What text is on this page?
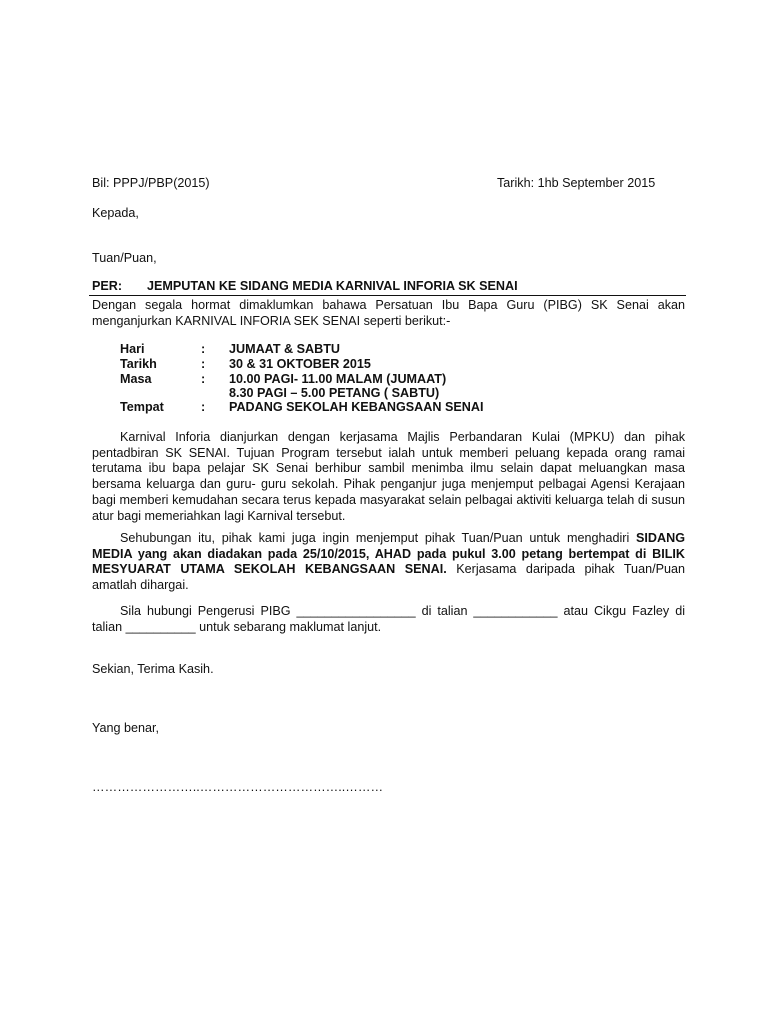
Bil: PPPJ/PBP(2015)	Tarikh: 1hb September 2015
Kepada,
Tuan/Puan,
PER: JEMPUTAN KE SIDANG MEDIA KARNIVAL INFORIA SK SENAI
Dengan segala hormat dimaklumkan bahawa Persatuan Ibu Bapa Guru (PIBG) SK Senai akan menganjurkan KARNIVAL INFORIA SEK SENAI seperti berikut:-
Hari	: JUMAAT & SABTU
Tarikh	: 30 & 31 OKTOBER 2015
Masa	: 10.00 PAGI- 11.00 MALAM (JUMAAT)
8.30 PAGI – 5.00 PETANG ( SABTU)
Tempat	: PADANG SEKOLAH KEBANGSAAN SENAI
Karnival Inforia dianjurkan dengan kerjasama Majlis Perbandaran Kulai (MPKU) dan pihak pentadbiran SK SENAI. Tujuan Program tersebut ialah untuk memberi peluang kepada orang ramai terutama ibu bapa pelajar SK Senai berhibur sambil menimba ilmu selain dapat meluangkan masa bersama keluarga dan guru- guru sekolah. Pihak penganjur juga menjemput pelbagai Agensi Kerajaan bagi memberi kemudahan secara terus kepada masyarakat selain pelbagai aktiviti keluarga telah di susun atur bagi memeriahkan lagi Karnival tersebut.
Sehubungan itu, pihak kami juga ingin menjemput pihak Tuan/Puan untuk menghadiri SIDANG MEDIA yang akan diadakan pada 25/10/2015, AHAD pada pukul 3.00 petang bertempat di BILIK MESYUARAT UTAMA SEKOLAH KEBANGSAAN SENAI. Kerjasama daripada pihak Tuan/Puan amatlah dihargai.
Sila hubungi Pengerusi PIBG _________________ di talian ____________ atau Cikgu Fazley di talian __________ untuk sebarang maklumat lanjut.
Sekian, Terima Kasih.
Yang benar,
……………………..……………………………..………
